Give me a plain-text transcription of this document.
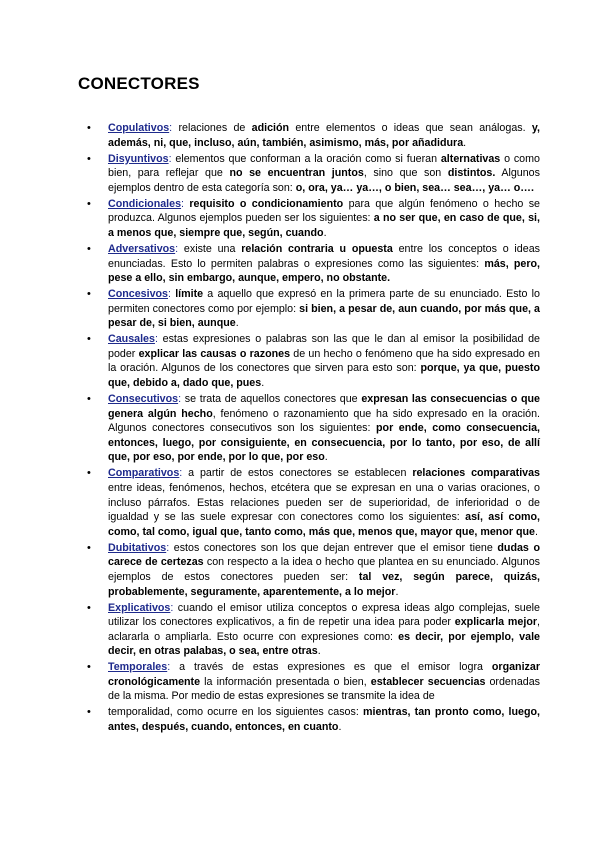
CONECTORES
• Copulativos: relaciones de adición entre elementos o ideas que sean análogas. y, además, ni, que, incluso, aún, también, asimismo, más, por añadidura.
• Disyuntivos: elementos que conforman a la oración como si fueran alternativas o como bien, para reflejar que no se encuentran juntos, sino que son distintos. Algunos ejemplos dentro de esta categoría son: o, ora, ya… ya…, o bien, sea… sea…, ya… o….
• Condicionales: requisito o condicionamiento para que algún fenómeno o hecho se produzca. Algunos ejemplos pueden ser los siguientes: a no ser que, en caso de que, si, a menos que, siempre que, según, cuando.
• Adversativos: existe una relación contraria u opuesta entre los conceptos o ideas enunciadas. Esto lo permiten palabras o expresiones como las siguientes: más, pero, pese a ello, sin embargo, aunque, empero, no obstante.
• Concesivos: límite a aquello que expresó en la primera parte de su enunciado. Esto lo permiten conectores como por ejemplo: si bien, a pesar de, aun cuando, por más que, a pesar de, si bien, aunque.
• Causales: estas expresiones o palabras son las que le dan al emisor la posibilidad de poder explicar las causas o razones de un hecho o fenómeno que ha sido expresado en la oración. Algunos de los conectores que sirven para esto son: porque, ya que, puesto que, debido a, dado que, pues.
• Consecutivos: se trata de aquellos conectores que expresan las consecuencias o que genera algún hecho, fenómeno o razonamiento que ha sido expresado en la oración. Algunos conectores consecutivos son los siguientes: por ende, como consecuencia, entonces, luego, por consiguiente, en consecuencia, por lo tanto, por eso, de allí que, por eso, por ende, por lo que, por eso.
• Comparativos: a partir de estos conectores se establecen relaciones comparativas entre ideas, fenómenos, hechos, etcétera que se expresan en una o varias oraciones, o incluso párrafos. Estas relaciones pueden ser de superioridad, de inferioridad o de igualdad y se las suele expresar con conectores como los siguientes: así, así como, como, tal como, igual que, tanto como, más que, menos que, mayor que, menor que.
• Dubitativos: estos conectores son los que dejan entrever que el emisor tiene dudas o carece de certezas con respecto a la idea o hecho que plantea en su enunciado. Algunos ejemplos de estos conectores pueden ser: tal vez, según parece, quizás, probablemente, seguramente, aparentemente, a lo mejor.
• Explicativos: cuando el emisor utiliza conceptos o expresa ideas algo complejas, suele utilizar los conectores explicativos, a fin de repetir una idea para poder explicarla mejor, aclararla o ampliarla. Esto ocurre con expresiones como: es decir, por ejemplo, vale decir, en otras palabas, o sea, entre otras.
• Temporales: a través de estas expresiones es que el emisor logra organizar cronológicamente la información presentada o bien, establecer secuencias ordenadas de la misma. Por medio de estas expresiones se transmite la idea de
• temporalidad, como ocurre en los siguientes casos: mientras, tan pronto como, luego, antes, después, cuando, entonces, en cuanto.
